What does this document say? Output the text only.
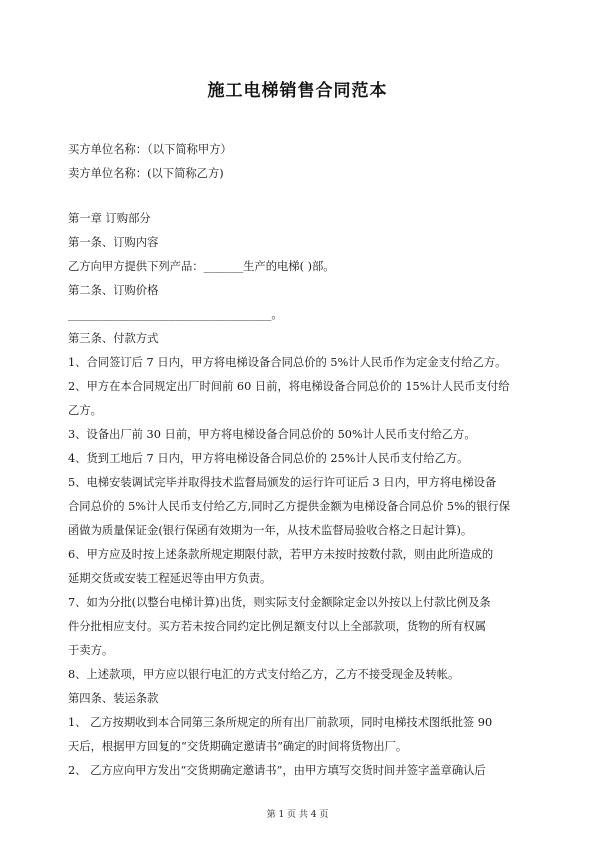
施工电梯销售合同范本
买方单位名称：（以下简称甲方）
卖方单位名称：(以下简称乙方)
第一章 订购部分
第一条、订购内容
乙方向甲方提供下列产品：_______生产的电梯( )部。
第二条、订购价格
____________________________________。
第三条、付款方式
1、合同签订后 7 日内，甲方将电梯设备合同总价的 5%计人民币作为定金支付给乙方。
2、甲方在本合同规定出厂时间前 60 日前，将电梯设备合同总价的 15%计人民币支付给
乙方。
3、设备出厂前 30 日前，甲方将电梯设备合同总价的 50%计人民币支付给乙方。
4、货到工地后 7 日内，甲方将电梯设备合同总价的 25%计人民币支付给乙方。
5、电梯安装调试完毕并取得技术监督局颁发的运行许可证后 3 日内，甲方将电梯设备
合同总价的 5%计人民币支付给乙方,同时乙方提供金额为电梯设备合同总价 5%的银行保
函做为质量保证金(银行保函有效期为一年，从技术监督局验收合格之日起计算)。
6、甲方应及时按上述条款所规定期限付款，若甲方未按时按数付款，则由此所造成的
延期交货或安装工程延迟等由甲方负责。
7、如为分批(以整台电梯计算)出货，则实际支付金额除定金以外按以上付款比例及条
件分批相应支付。买方若未按合同约定比例足额支付以上全部款项，货物的所有权属
于卖方。
8、上述款项，甲方应以银行电汇的方式支付给乙方，乙方不接受现金及转帐。
第四条、装运条款
1、 乙方按期收到本合同第三条所规定的所有出厂前款项，同时电梯技术图纸批签 90
天后，根据甲方回复的“交货期确定邀请书”确定的时间将货物出厂。
2、 乙方应向甲方发出“交货期确定邀请书”，由甲方填写交货时间并签字盖章确认后
第 1 页 共 4 页
